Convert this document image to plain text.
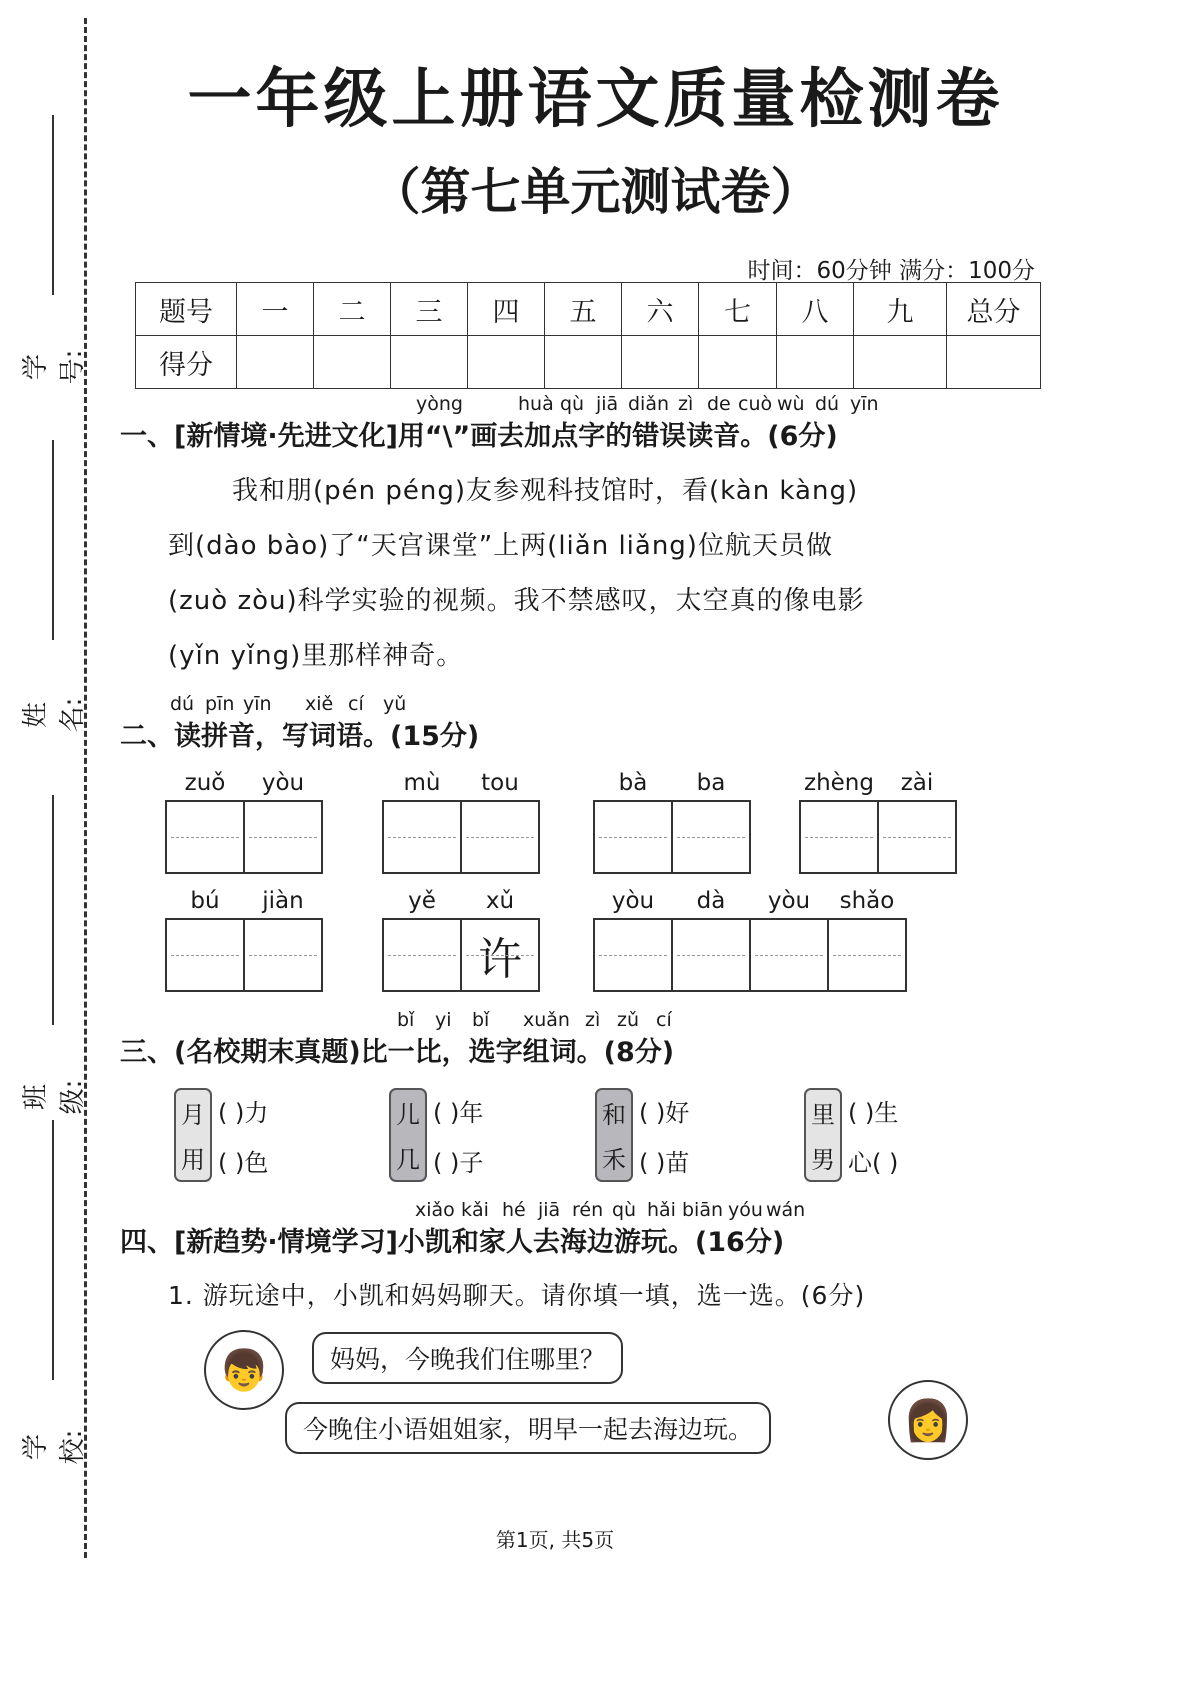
学号:
姓名:
班级:
学校:
一年级上册语文质量检测卷
（第七单元测试卷）
时间：60分钟 满分：100分
题号	一	二	三	四	五	六	七	八	九	总分
得分										
yòng	huà qù jiā diǎn zì de cuò wù dú yīn
一、[新情境·先进文化]用“\”画去加点字的错误读音。(6分)
我和朋(pén péng)友参观科技馆时，看(kàn kàng)
到(dào bào)了“天宫课堂”上两(liǎn liǎng)位航天员做
(zuò zòu)科学实验的视频。我不禁感叹，太空真的像电影
(yǐn yǐng)里那样神奇。
dú pīn yīn xiě cí yǔ
二、读拼音，写词语。(15分)
zuǒ	yòu	mù	tou	bà	ba	zhèng	zài
bú	jiàn	yě	xǔ
许
yòu	dà	yòu	shǎo
bǐ yi bǐ xuǎn zì zǔ cí
三、(名校期末真题)比一比，选字组词。(8分)
月
用
( )力
( )色
儿
几
( )年
( )子
和
禾
( )好
( )苗
里
男
( )生
心( )
xiǎo kǎi hé jiā rén qù hǎi biān yóu wán
四、[新趋势·情境学习]小凯和家人去海边游玩。(16分)
1. 游玩途中，小凯和妈妈聊天。请你填一填，选一选。(6分)
👦	妈妈，今晚我们住哪里？
今晚住小语姐姐家，明早一起去海边玩。	👩
第1页, 共5页
